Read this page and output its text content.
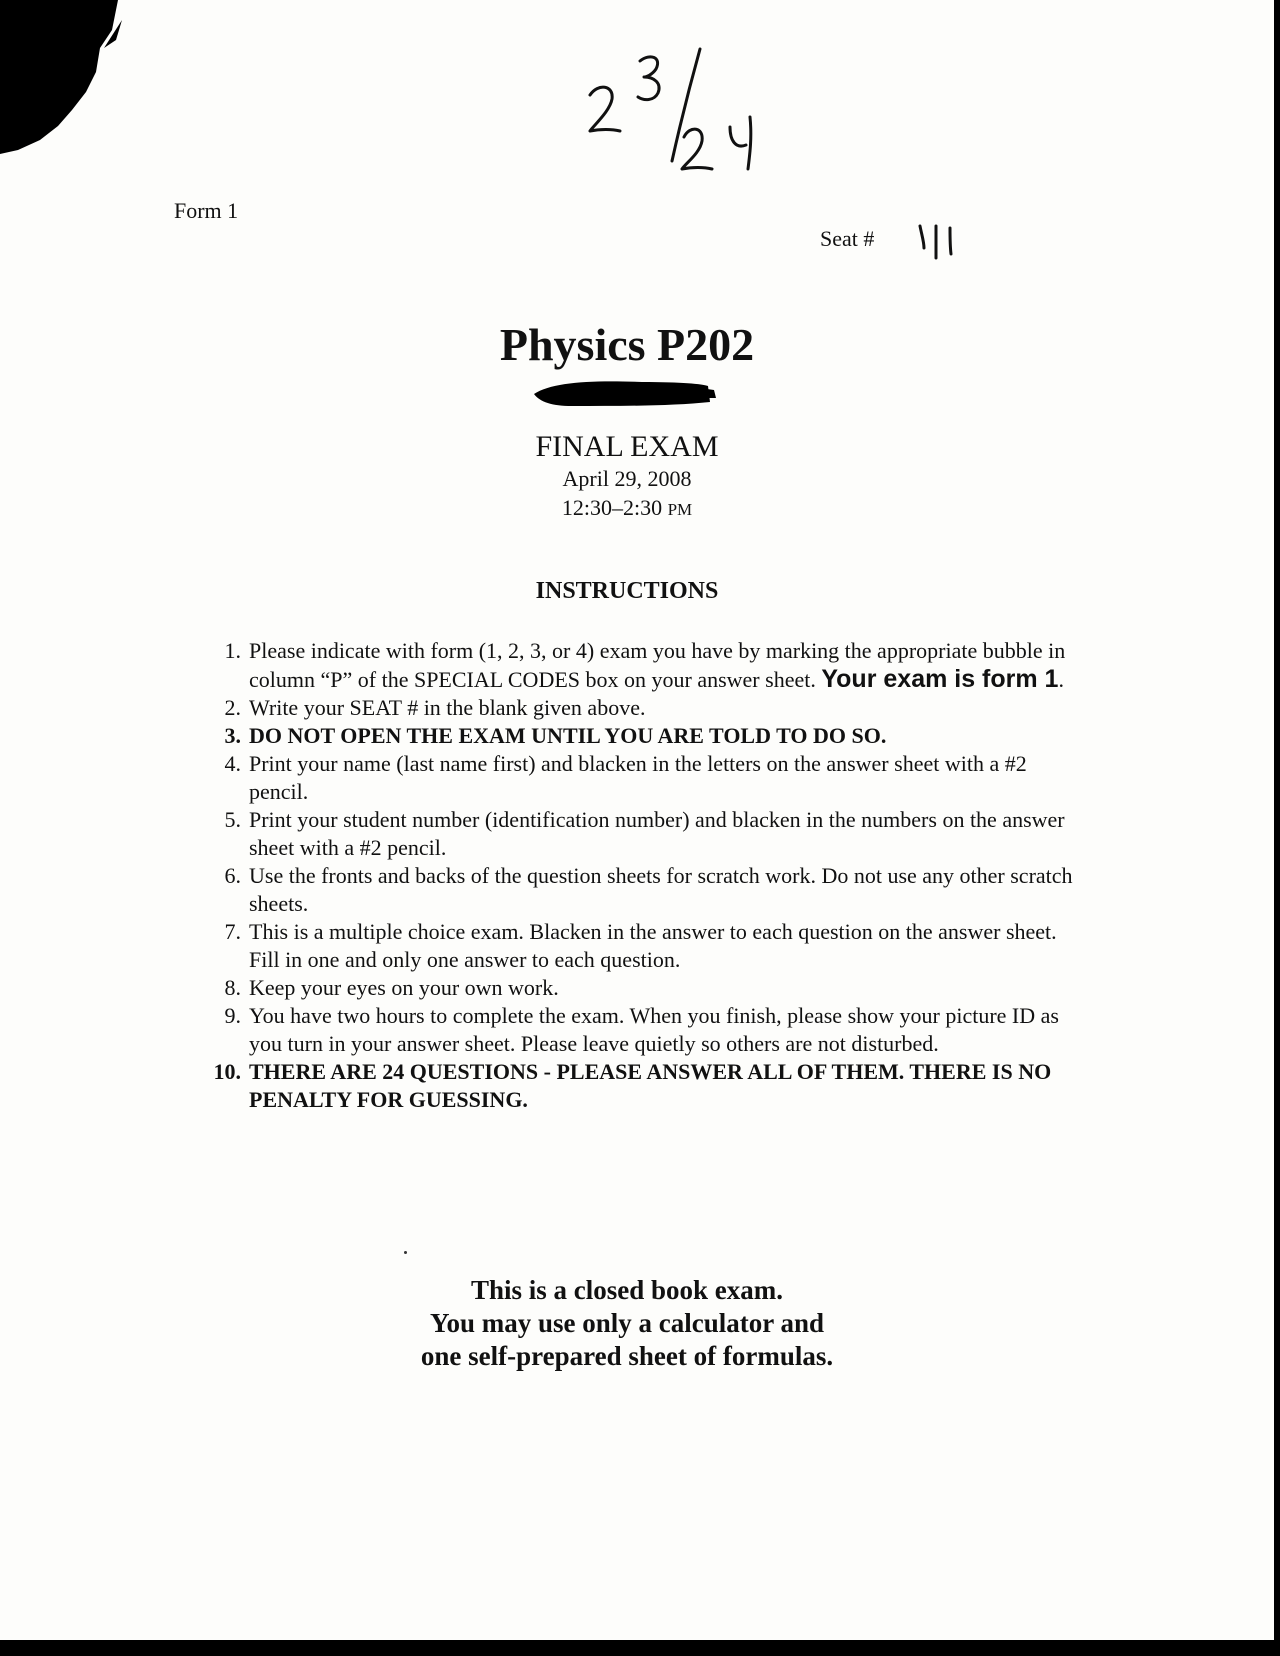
Form 1
Seat #
Physics P202
FINAL EXAM
April 29, 2008
12:30–2:30 PM
INSTRUCTIONS
1. Please indicate with form (1, 2, 3, or 4) exam you have by marking the appropriate bubble in column “P” of the SPECIAL CODES box on your answer sheet. Your exam is form 1.
2. Write your SEAT # in the blank given above.
3. DO NOT OPEN THE EXAM UNTIL YOU ARE TOLD TO DO SO.
4. Print your name (last name first) and blacken in the letters on the answer sheet with a #2 pencil.
5. Print your student number (identification number) and blacken in the numbers on the answer sheet with a #2 pencil.
6. Use the fronts and backs of the question sheets for scratch work. Do not use any other scratch sheets.
7. This is a multiple choice exam. Blacken in the answer to each question on the answer sheet. Fill in one and only one answer to each question.
8. Keep your eyes on your own work.
9. You have two hours to complete the exam. When you finish, please show your picture ID as you turn in your answer sheet. Please leave quietly so others are not disturbed.
10. THERE ARE 24 QUESTIONS - PLEASE ANSWER ALL OF THEM. THERE IS NO PENALTY FOR GUESSING.
This is a closed book exam.
You may use only a calculator and
one self-prepared sheet of formulas.
